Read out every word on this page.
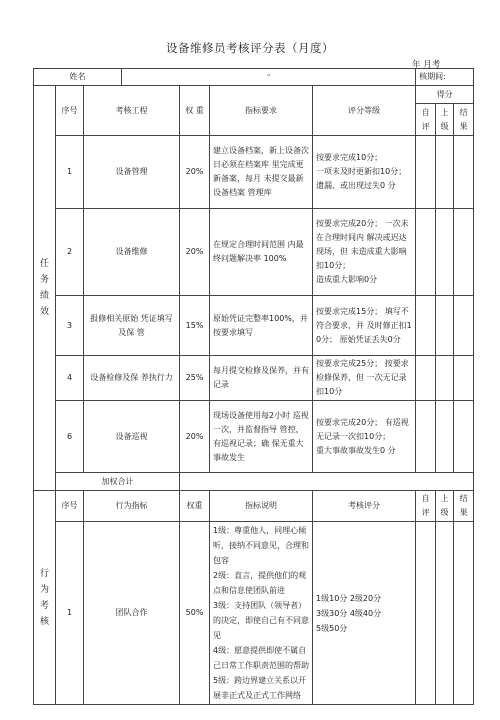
设备维修员考核评分表（月度）
年 月考
姓名			"				核期间:		

任
务
绩
效	序号	考核工程		权 重	指标要求	评分等级	得分		
							自评	上级	结 果
	1	设备管理		20%	建立设备档案，新上设备次日必须在档案库 里完成更新备案，每月 未提交最新设备档案 管理库	按要求完成10分；
一项未及时更新扣10分；
遗漏、或出现过失0 分			
	2	设备维修		20%	在规定合理时间范围 内最终问题解决率 100%	按要求完成20分； 一次未在合理时间内 解决或迟达现场，但 未造成重大影响扣10分；
造成重大影响0分			
	3	报修相关原始 凭证填写及保 管		15%	原始凭证完整率100%，并按要求填写	按要求完成15分； 填写不符合要求，并 及时修正扣10分； 原始凭证丢失0分			
	4	设备检修及保 养执行力		25%	每月提交检修及保养，并有记录	按要求完成25分； 按要求检修保养，但 一次无记录扣10分			
	6	设备巡视		20%	现场设备使用每2小时 巡视一次，并监督指导 管控，有巡视记录；确 保无重大事故发生	按要求完成20分； 有巡视无记录一次扣10分；
重大事故事故发生0 分			
	加权合计								

行
为
考
核	序号	行为指标		权重	指标说明	考核评分	自评	上级	结 果
	1	团队合作		50%	1级：尊重他人，同理心倾听，接纳不同意见，合理和包容
2级：直言，提供他们的观点和信息使团队前进
3级：支持团队（领导者）的决定，即使自己有不同意见
4级：愿意提供即使不属自己日常工作职责范围的帮助
5级：跨边界建立关系以开展非正式及正式工作网络	1级10分 2级20分
3级30分 4级40分
5级50分			
